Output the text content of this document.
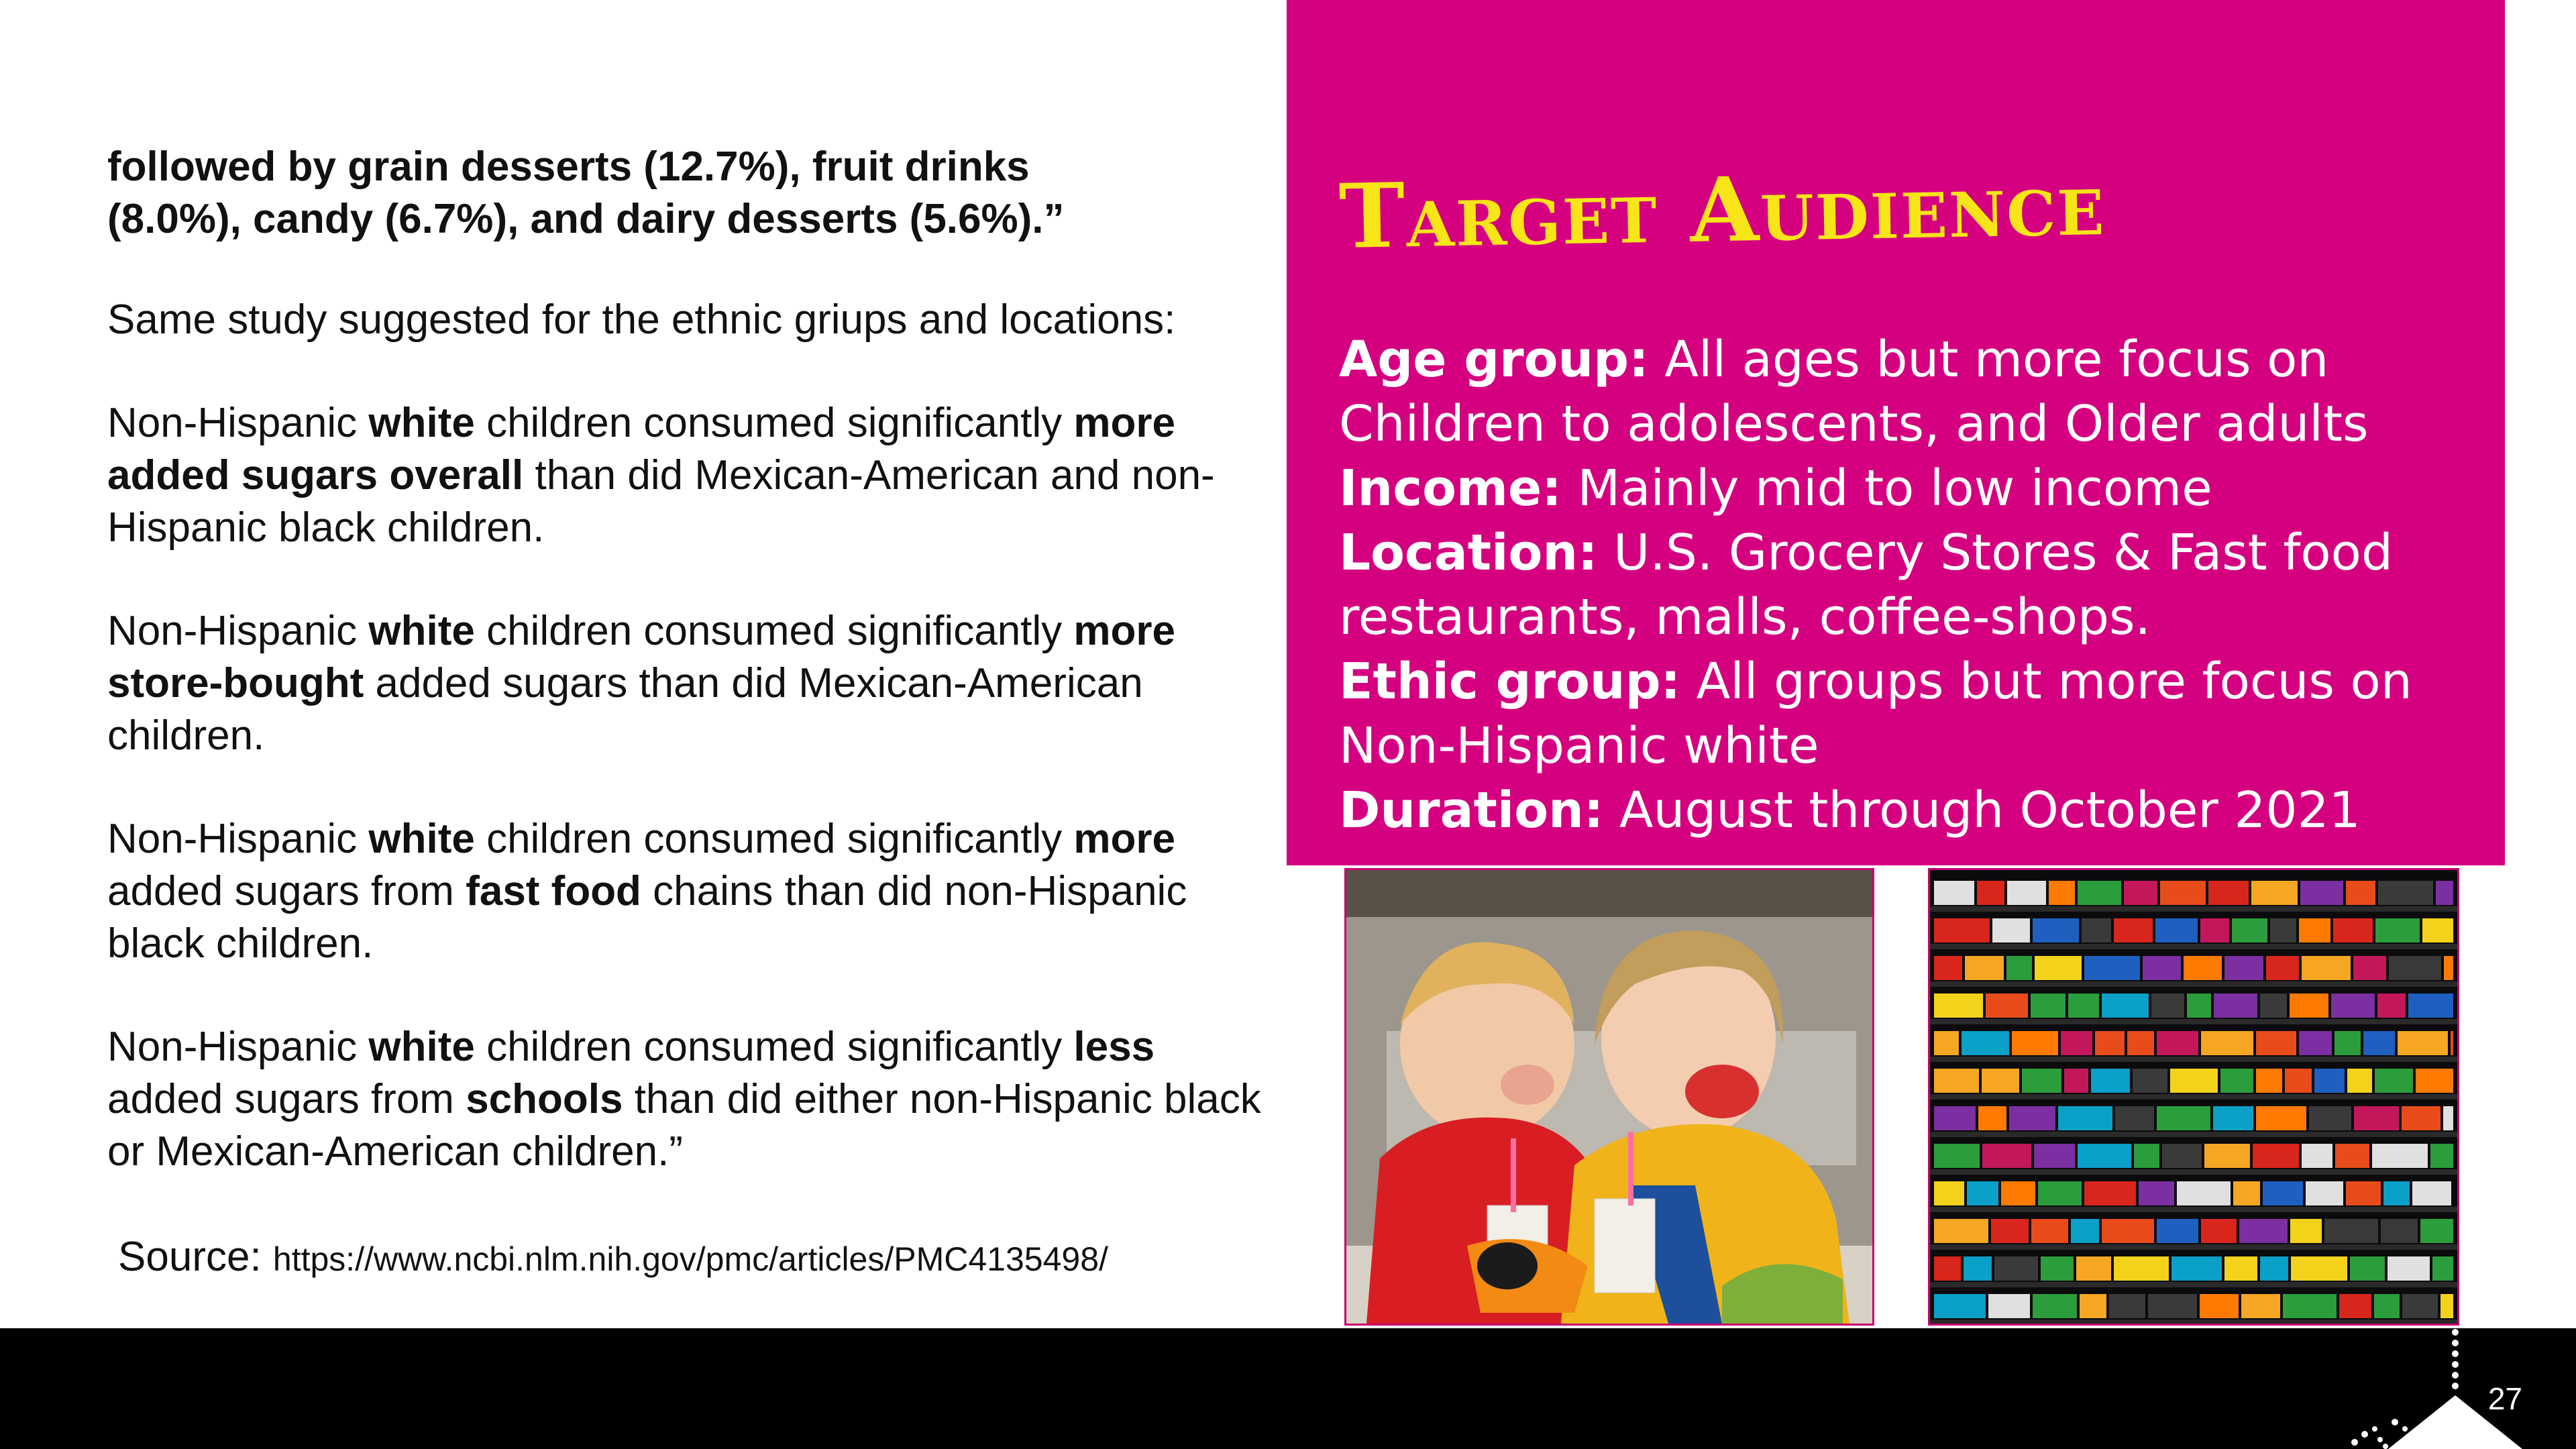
followed by grain desserts (12.7%), fruit drinks
(8.0%), candy (6.7%), and dairy desserts (5.6%).”

Same study suggested for the ethnic griups and locations:

Non-Hispanic white children consumed significantly more added sugars overall than did Mexican-American and non-Hispanic black children.

Non-Hispanic white children consumed significantly more store-bought added sugars than did Mexican-American children.

Non-Hispanic white children consumed significantly more added sugars from fast food chains than did non-Hispanic black children.

Non-Hispanic white children consumed significantly less added sugars from schools than did either non-Hispanic black or Mexican-American children.”

Source: https://www.ncbi.nlm.nih.gov/pmc/articles/PMC4135498/
Target Audience
Age group: All ages but more focus on Children to adolescents, and Older adults
Income: Mainly mid to low income
Location: U.S. Grocery Stores & Fast food restaurants, malls, coffee-shops.
Ethic group: All groups but more focus on Non-Hispanic white
Duration: August through October 2021
27
